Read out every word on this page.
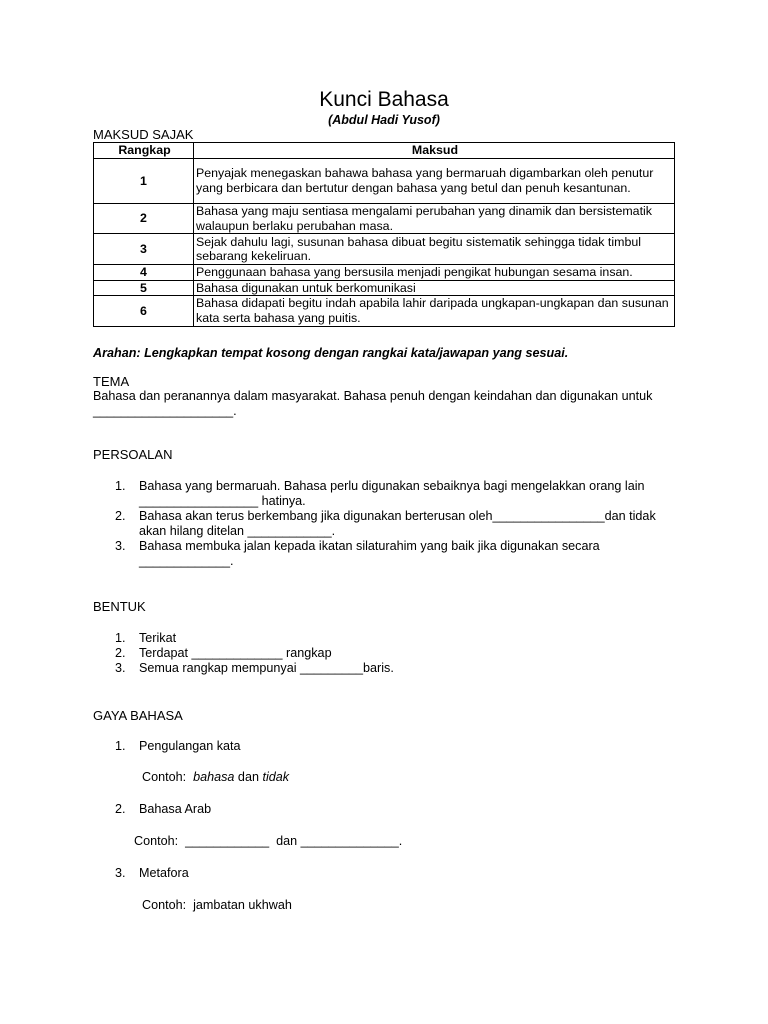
Kunci Bahasa
(Abdul Hadi Yusof)
MAKSUD SAJAK
Rangkap	Maksud
1	Penyajak menegaskan bahawa bahasa yang bermaruah digambarkan oleh penutur yang berbicara dan bertutur dengan bahasa yang betul dan penuh kesantunan.
2	Bahasa yang maju sentiasa mengalami perubahan yang dinamik dan bersistematik walaupun berlaku perubahan masa.
3	Sejak dahulu lagi, susunan bahasa dibuat begitu sistematik sehingga tidak timbul sebarang kekeliruan.
4	Penggunaan bahasa yang bersusila menjadi pengikat hubungan sesama insan.
5	Bahasa digunakan untuk berkomunikasi
6	Bahasa didapati begitu indah apabila lahir daripada ungkapan-ungkapan dan susunan kata serta bahasa yang puitis.
Arahan: Lengkapkan tempat kosong dengan rangkai kata/jawapan yang sesuai.
TEMA
Bahasa dan peranannya dalam masyarakat. Bahasa penuh dengan keindahan dan digunakan untuk ____________________.
PERSOALAN
1. Bahasa yang bermaruah. Bahasa perlu digunakan sebaiknya bagi mengelakkan orang lain _________________ hatinya.
2. Bahasa akan terus berkembang jika digunakan berterusan oleh________________dan tidak akan hilang ditelan ____________.
3. Bahasa membuka jalan kepada ikatan silaturahim yang baik jika digunakan secara _____________.
BENTUK
1. Terikat
2. Terdapat _____________ rangkap
3. Semua rangkap mempunyai _________baris.
GAYA BAHASA
1. Pengulangan kata
Contoh: bahasa dan tidak
2. Bahasa Arab
Contoh: ____________  dan ______________.
3. Metafora
Contoh: jambatan ukhwah
